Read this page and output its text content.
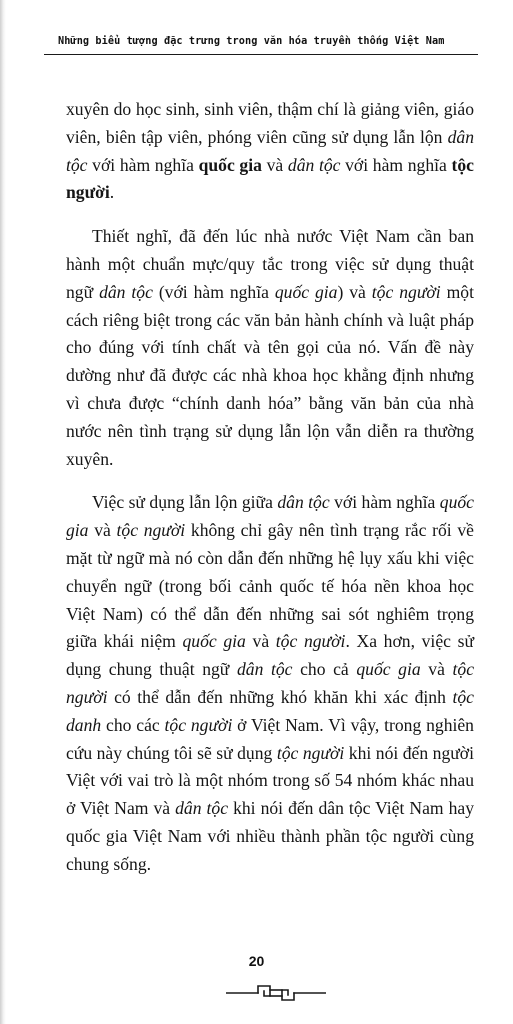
Những biểu tượng đặc trưng trong văn hóa truyền thống Việt Nam

xuyên do học sinh, sinh viên, thậm chí là giảng viên, giáo viên, biên tập viên, phóng viên cũng sử dụng lẫn lộn dân tộc với hàm nghĩa quốc gia và dân tộc với hàm nghĩa tộc người.

Thiết nghĩ, đã đến lúc nhà nước Việt Nam cần ban hành một chuẩn mực/quy tắc trong việc sử dụng thuật ngữ dân tộc (với hàm nghĩa quốc gia) và tộc người một cách riêng biệt trong các văn bản hành chính và luật pháp cho đúng với tính chất và tên gọi của nó. Vấn đề này dường như đã được các nhà khoa học khẳng định nhưng vì chưa được “chính danh hóa” bằng văn bản của nhà nước nên tình trạng sử dụng lẫn lộn vẫn diễn ra thường xuyên.

Việc sử dụng lẫn lộn giữa dân tộc với hàm nghĩa quốc gia và tộc người không chỉ gây nên tình trạng rắc rối về mặt từ ngữ mà nó còn dẫn đến những hệ lụy xấu khi việc chuyển ngữ (trong bối cảnh quốc tế hóa nền khoa học Việt Nam) có thể dẫn đến những sai sót nghiêm trọng giữa khái niệm quốc gia và tộc người. Xa hơn, việc sử dụng chung thuật ngữ dân tộc cho cả quốc gia và tộc người có thể dẫn đến những khó khăn khi xác định tộc danh cho các tộc người ở Việt Nam. Vì vậy, trong nghiên cứu này chúng tôi sẽ sử dụng tộc người khi nói đến người Việt với vai trò là một nhóm trong số 54 nhóm khác nhau ở Việt Nam và dân tộc khi nói đến dân tộc Việt Nam hay quốc gia Việt Nam với nhiều thành phần tộc người cùng chung sống.

20
